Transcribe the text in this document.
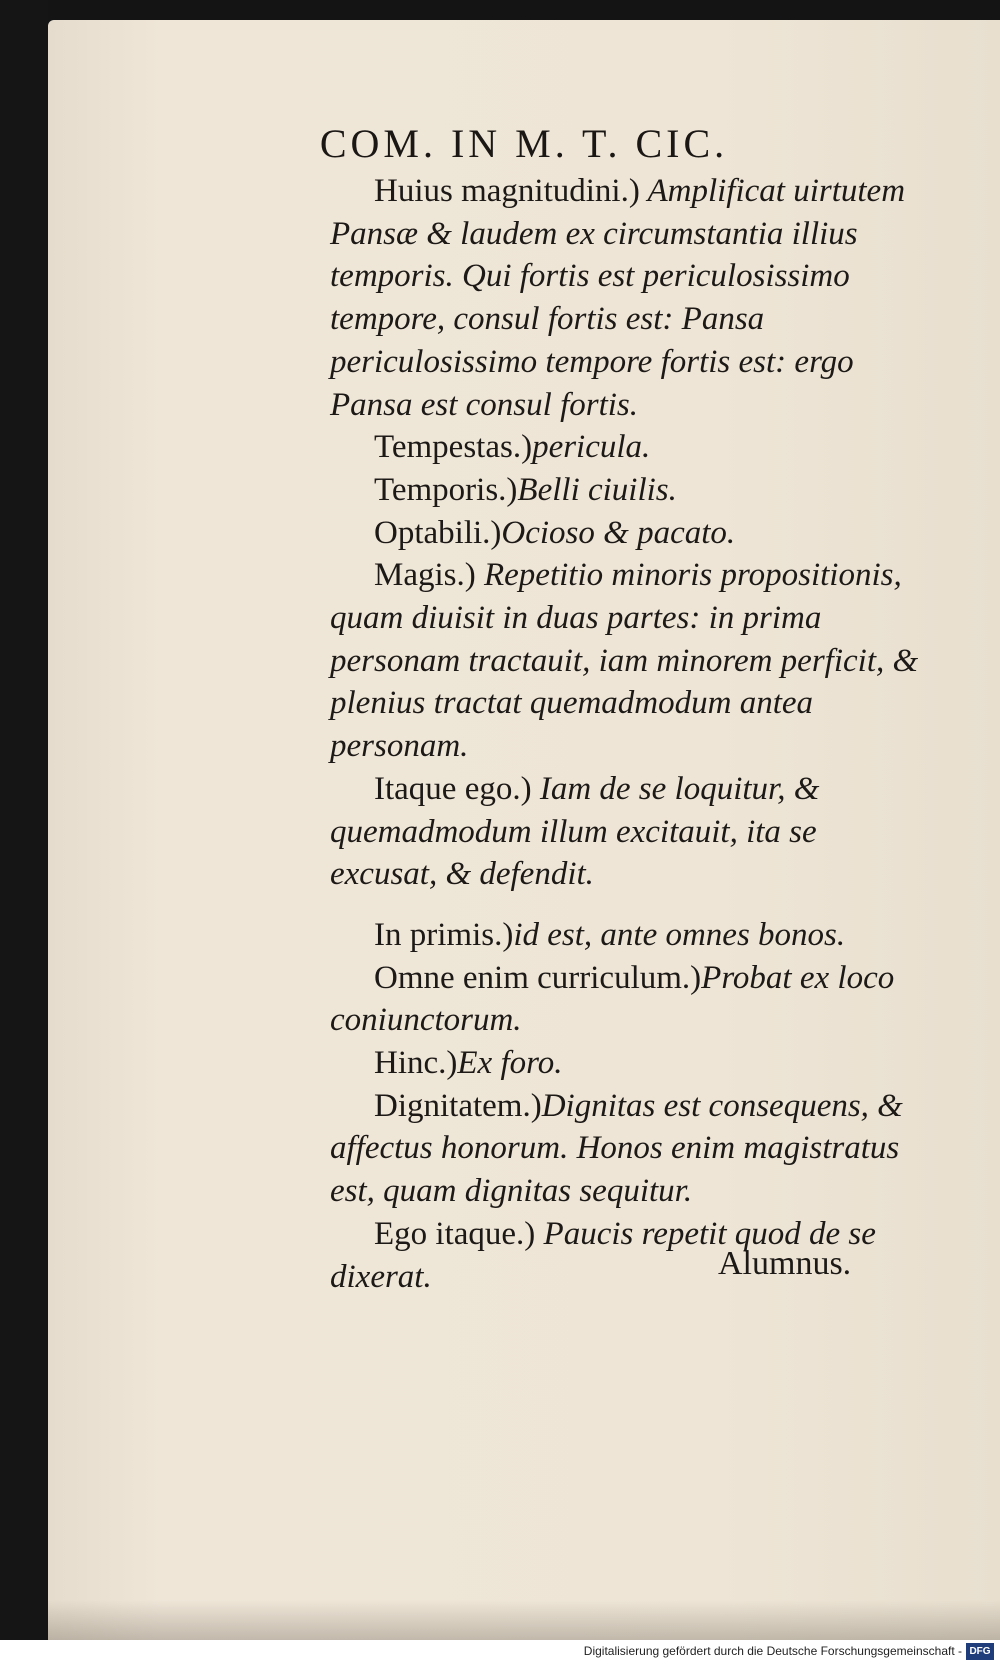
COM. IN M. T. CIC.

Huius magnitudini.) Amplificat uirtutem Pansæ & laudem ex circumstantia illius temporis. Qui fortis est periculosissimo tempore, consul fortis est: Pansa periculosissimo tempore fortis est: ergo Pansa est consul fortis.

Tempestas.)pericula.

Temporis.)Belli ciuilis.

Optabili.)Ocioso & pacato.

Magis.) Repetitio minoris propositionis, quam diuisit in duas partes: in prima personam tractauit, iam minorem perficit, & plenius tractat quemadmodum antea personam.

Itaque ego.) Iam de se loquitur, & quemadmodum illum excitauit, ita se excusat, & defendit.

In primis.)id est, ante omnes bonos.

Omne enim curriculum.)Probat ex loco coniunctorum.

Hinc.)Ex foro.

Dignitatem.)Dignitas est consequens, & affectus honorum. Honos enim magistratus est, quam dignitas sequitur.

Ego itaque.) Paucis repetit quod de se dixerat.	Alumnus.
Digitalisierung gefördert durch die Deutsche Forschungsgemeinschaft - DFG
